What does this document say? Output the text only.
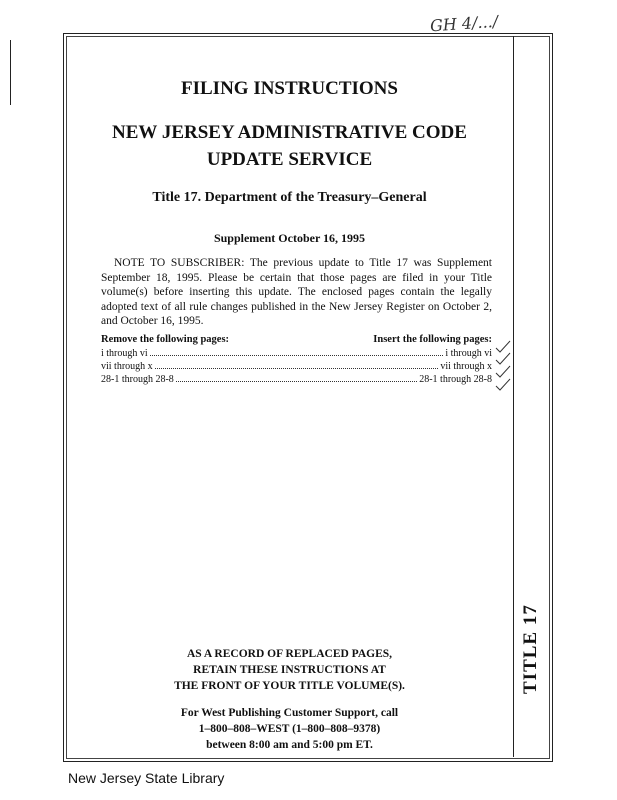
GH 4/.../
TITLE 17
FILING INSTRUCTIONS
NEW JERSEY ADMINISTRATIVE CODE
UPDATE SERVICE
Title 17. Department of the Treasury–General
Supplement October 16, 1995

NOTE TO SUBSCRIBER: The previous update to Title 17 was Supplement September 18, 1995. Please be certain that those pages are filed in your Title volume(s) before inserting this update. The enclosed pages contain the legally adopted text of all rule changes published in the New Jersey Register on October 2, and October 16, 1995.

Remove the following pages:	Insert the following pages:
i through vi	i through vi
vii through x	vii through x
28-1 through 28-8	28-1 through 28-8
AS A RECORD OF REPLACED PAGES,
RETAIN THESE INSTRUCTIONS AT
THE FRONT OF YOUR TITLE VOLUME(S).
For West Publishing Customer Support, call
1–800–808–WEST (1–800–808–9378)
between 8:00 am and 5:00 pm ET.
New Jersey State Library
